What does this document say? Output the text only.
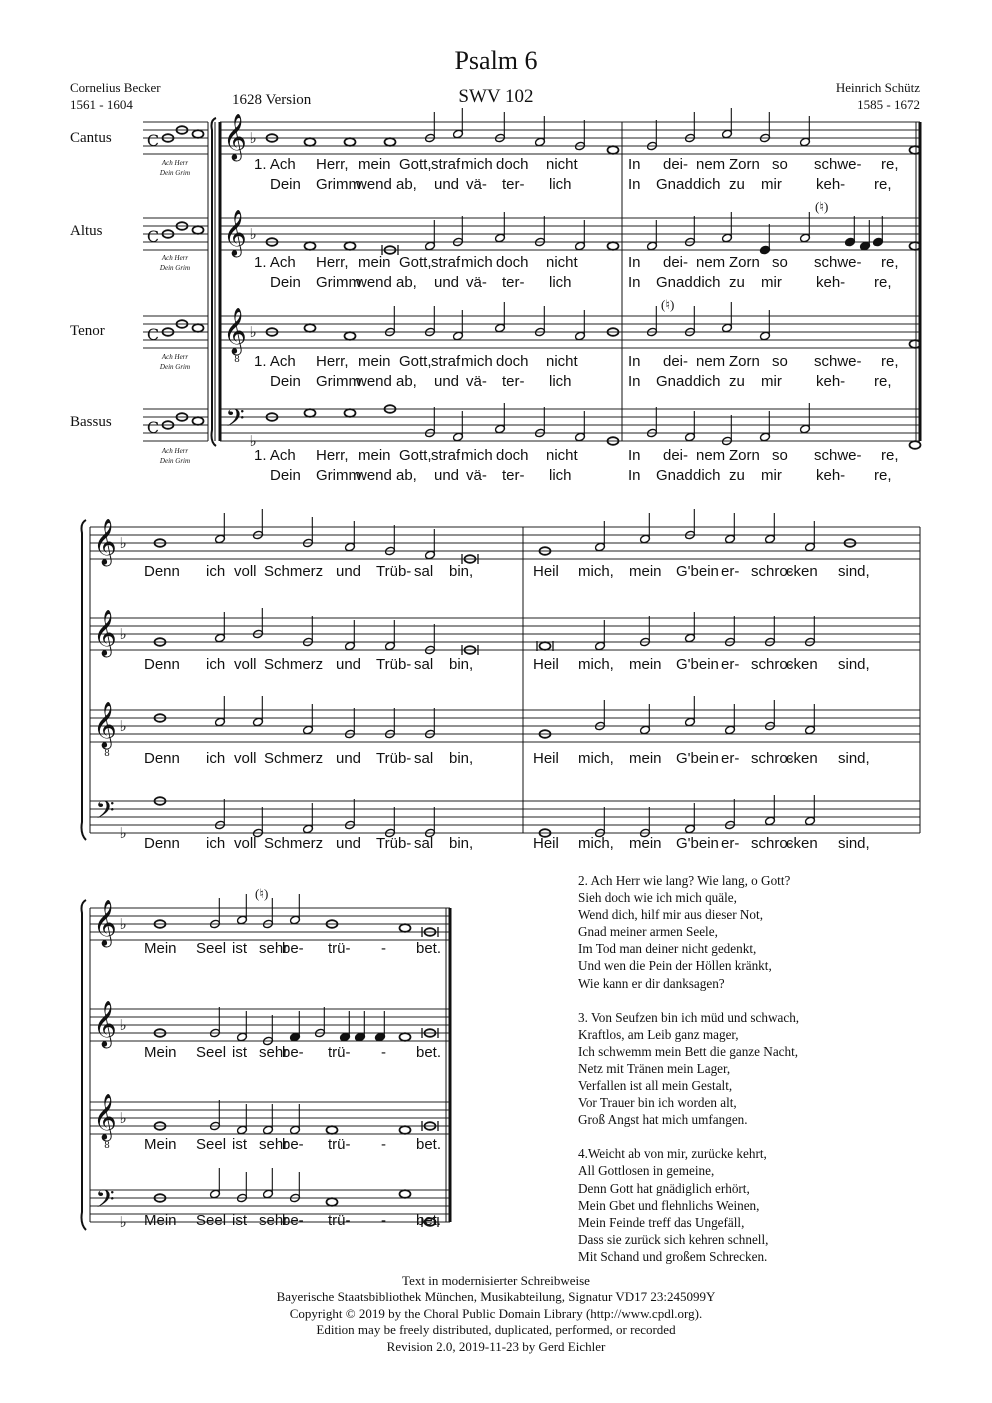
Psalm 6
SWV 102
Cornelius Becker
1561 - 1604	1628 Version
Heinrich Schütz
1585 - 1672
Cantus
Altus
Tenor
Bassus
Ach Herr
Dein Grim
Ach Herr
Dein Grim
Ach Herr
Dein Grim
Ach Herr
Dein Grim
(♮)
(♮)
(♮)
𝄞 ♭
C
𝄞 ♭
C
𝄞
8
♭
C
𝄢
♭
C
𝄞 ♭
𝄞 ♭
𝄞
8
♭
𝄢
♭
𝄞 ♭
𝄞 ♭
𝄞
8
♭
𝄢
♭
1. Ach Herr, mein Gott, straf mich doch nicht	In dei- nem Zorn so schwe- re,
Dein Grimm
wend ab, und vä- ter- lich	In Gnad dich zu mir keh- re,
1. Ach Herr, mein Gott, straf mich doch nicht	In dei- nem Zorn so schwe- re,
Dein Grimm
wend ab, und vä- ter- lich	In Gnad dich zu mir keh- re,
1. Ach Herr, mein Gott, straf mich doch nicht	In dei- nem Zorn so schwe- re,
Dein Grimm
wend ab, und vä- ter- lich	In Gnad dich zu mir keh- re,
1. Ach Herr, mein Gott, straf mich doch nicht	In dei- nem Zorn so schwe- re,
Dein Grimm
wend ab, und vä- ter- lich	In Gnad dich zu mir keh- re,
Denn ich voll Schmerz und Trüb- sal bin,	Heil mich, mein G'bein er- schro-
cken sind,
Denn ich voll Schmerz und Trüb- sal bin,	Heil mich, mein G'bein er- schro-
cken sind,
Denn ich voll Schmerz und Trüb- sal bin,	Heil mich, mein G'bein er- schro-
cken sind,
Denn ich voll Schmerz und Trüb- sal bin,	Heil mich, mein G'bein er- schro-
cken sind,
Mein Seel ist sehr
be- trü- - bet.
Mein Seel ist sehr
be- trü- - bet.
Mein Seel ist sehr
be- trü- - bet.
Mein Seel ist sehr
be- trü- - bet.
2. Ach Herr wie lang? Wie lang, o Gott?
Sieh doch wie ich mich quäle,
Wend dich, hilf mir aus dieser Not,
Gnad meiner armen Seele,
Im Tod man deiner nicht gedenkt,
Und wen die Pein der Höllen kränkt,
Wie kann er dir danksagen?
3. Von Seufzen bin ich müd und schwach,
Kraftlos, am Leib ganz mager,
Ich schwemm mein Bett die ganze Nacht,
Netz mit Tränen mein Lager,
Verfallen ist all mein Gestalt,
Vor Trauer bin ich worden alt,
Groß Angst hat mich umfangen.
4.Weicht ab von mir, zurücke kehrt,
All Gottlosen in gemeine,
Denn Gott hat gnädiglich erhört,
Mein Gbet und flehnlichs Weinen,
Mein Feinde treff das Ungefäll,
Dass sie zurück sich kehren schnell,
Mit Schand und großem Schrecken.
Text in modernisierter Schreibweise
Bayerische Staatsbibliothek München, Musikabteilung, Signatur VD17 23:245099Y
Copyright © 2019 by the Choral Public Domain Library (http://www.cpdl.org).
Edition may be freely distributed, duplicated, performed, or recorded
Revision 2.0, 2019-11-23 by Gerd Eichler
